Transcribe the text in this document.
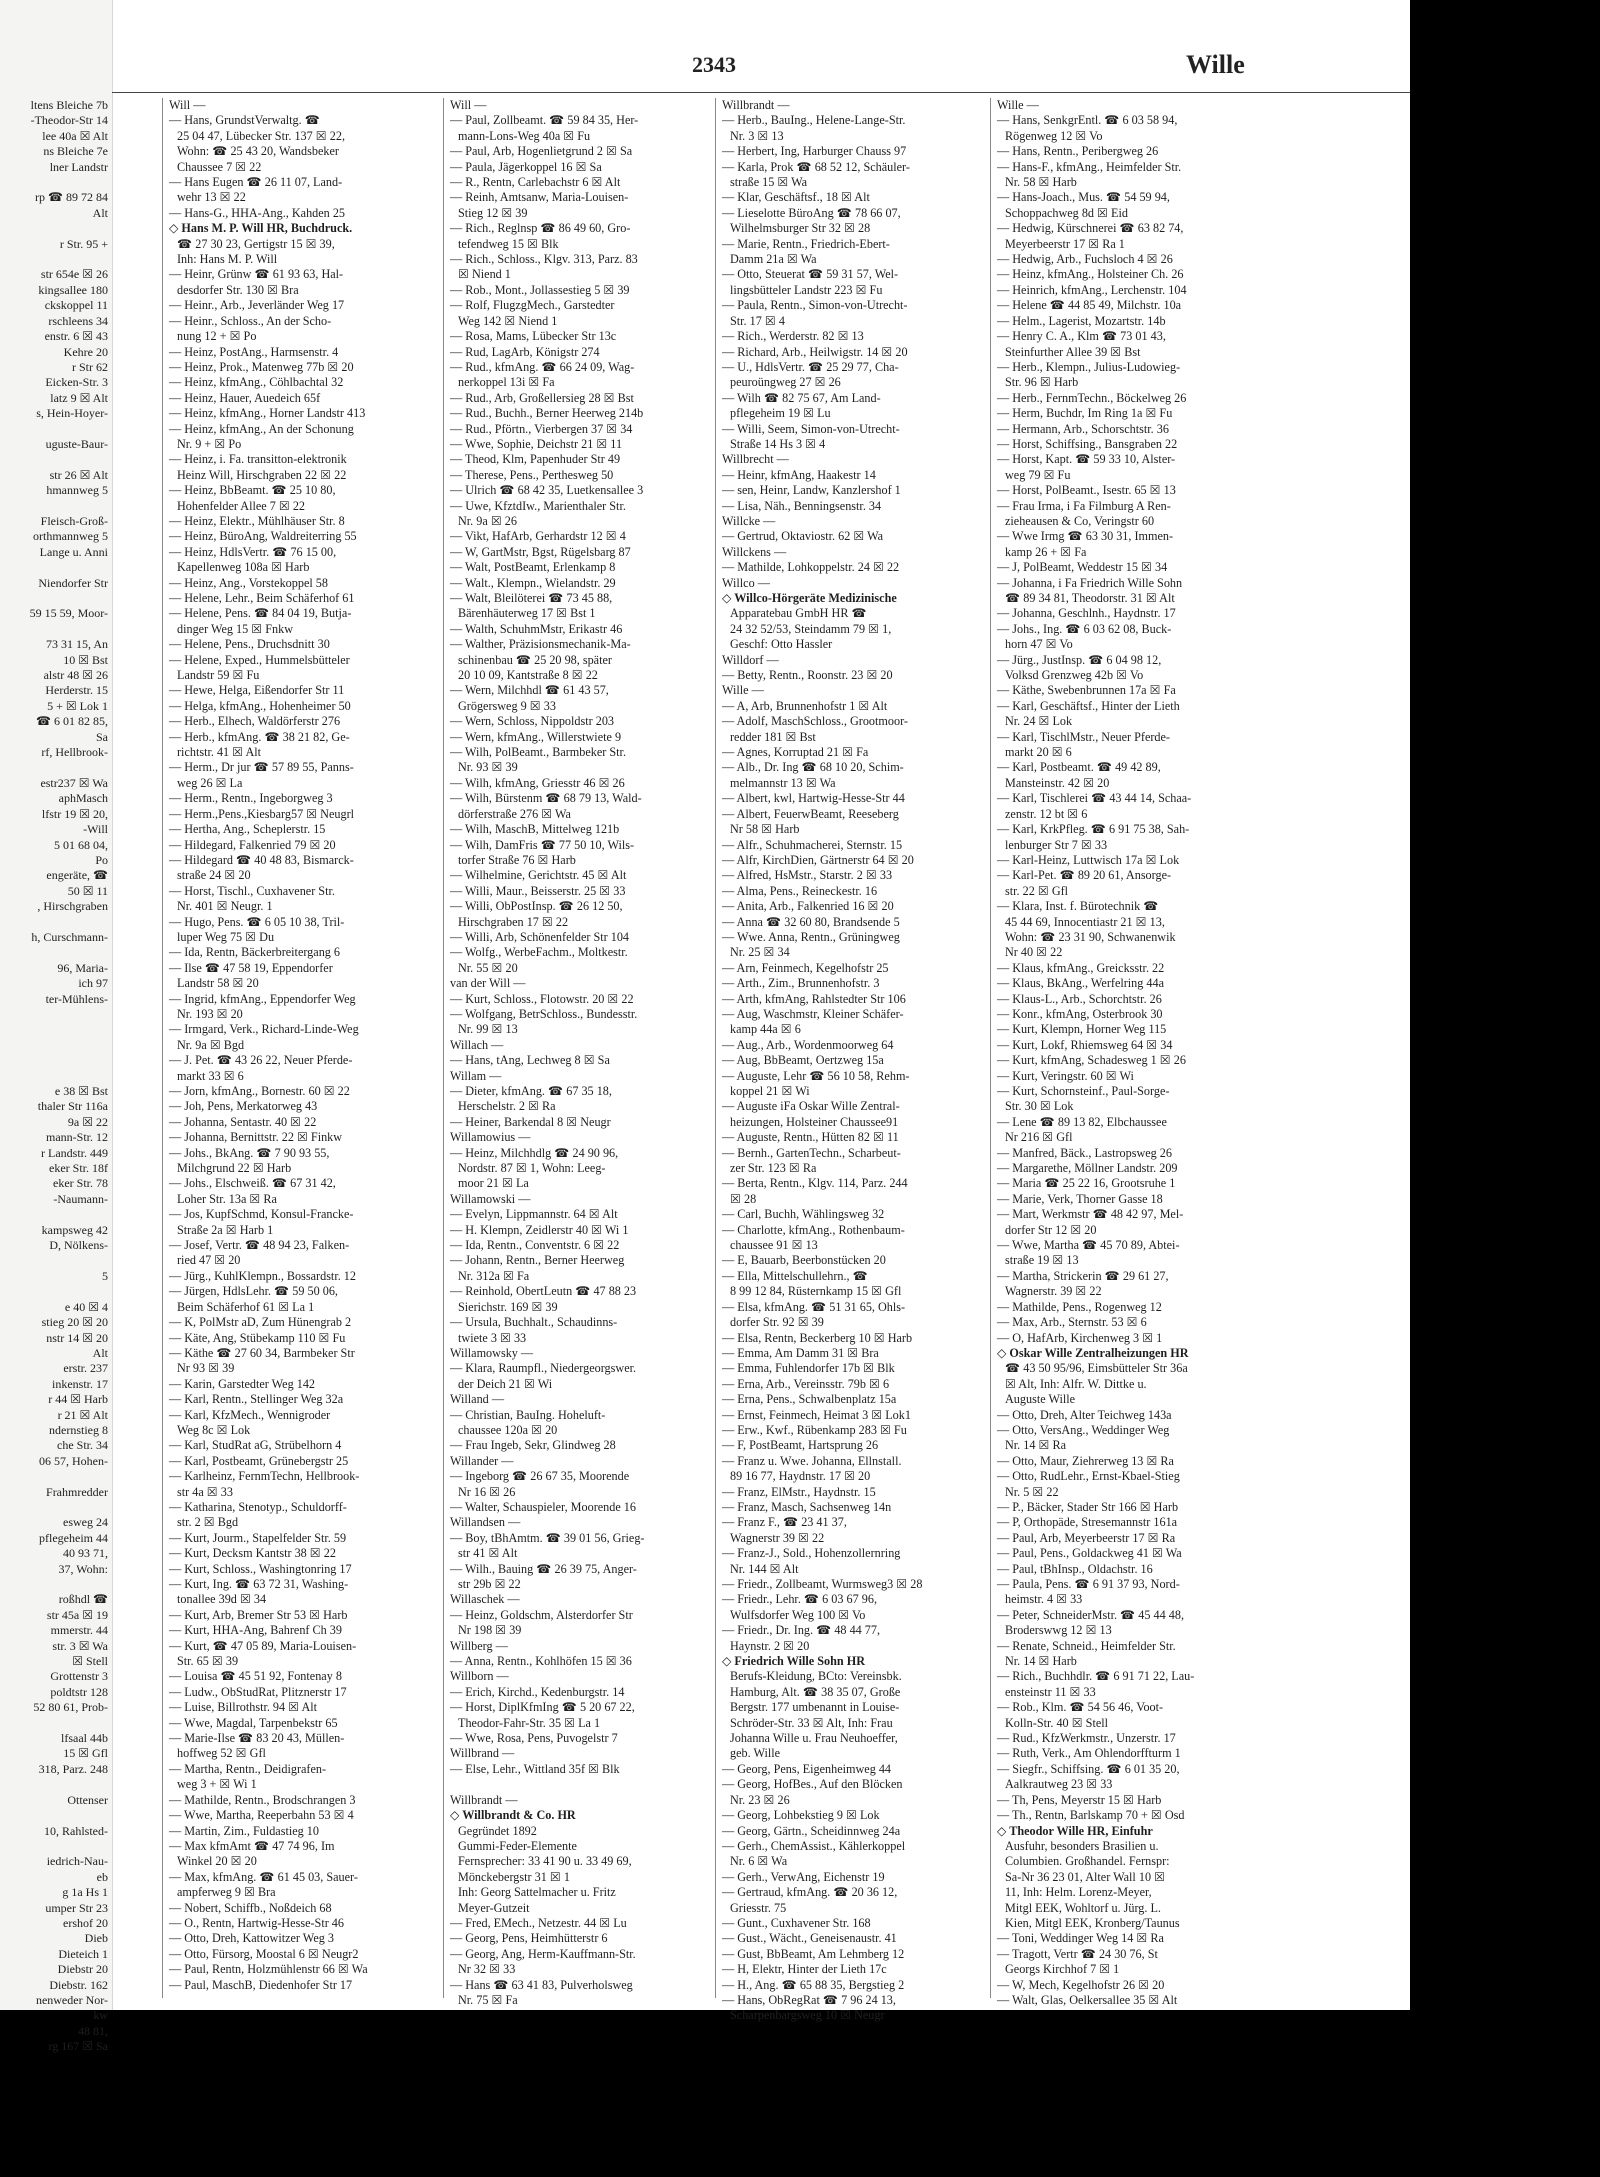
ltens Bleiche 7b
-Theodor-Str 14
lee 40a ☒ Alt
ns Bleiche 7e
lner Landstr

rp ☎ 89 72 84
Alt

r Str. 95 +

str 654e ☒ 26
kingsallee 180
ckskoppel 11
rschleens 34
enstr. 6 ☒ 43
Kehre 20
r Str 62
Eicken-Str. 3
latz 9 ☒ Alt
s, Hein-Hoyer-

uguste-Baur-

str 26 ☒ Alt
hmannweg 5

Fleisch-Groß-
orthmannweg 5
Lange u. Anni

Niendorfer Str

59 15 59, Moor-

73 31 15, An
10 ☒ Bst
alstr 48 ☒ 26
Herderstr. 15
5 + ☒ Lok 1
☎ 6 01 82 85,
Sa
rf, Hellbrook-

estr237 ☒ Wa
aphMasch
lfstr 19 ☒ 20,
-Will
5 01 68 04,
Po
engeräte, ☎
50 ☒ 11
, Hirschgraben

h, Curschmann-

96, Maria-
ich 97
ter-Mühlens-

e 38 ☒ Bst
thaler Str 116a
9a ☒ 22
mann-Str. 12
r Landstr. 449
eker Str. 18f
eker Str. 78
-Naumann-

kampsweg 42
D, Nölkens-

5

e 40 ☒ 4
stieg 20 ☒ 20
nstr 14 ☒ 20
Alt
erstr. 237
inkenstr. 17
r 44 ☒ Harb
r 21 ☒ Alt
ndernstieg 8
che Str. 34
06 57, Hohen-

Frahmredder

esweg 24
pflegeheim 44
40 93 71,
37, Wohn:

roßhdl ☎
str 45a ☒ 19
mmerstr. 44
str. 3 ☒ Wa
☒ Stell
Grottenstr 3
poldtstr 128
52 80 61, Prob-

lfsaal 44b
15 ☒ Gfl
318, Parz. 248

Ottenser

10, Rahlsted-

iedrich-Nau-
eb
g 1a Hs 1
umper Str 23
ershof 20
Dieb
Dieteich 1
Diebstr 20
Diebstr. 162
nenweder Nor-
kw
48 81,
rg 167 ☒ Sa
2343	Wille
Will —
— Hans, GrundstVerwaltg. ☎
25 04 47, Lübecker Str. 137 ☒ 22,
Wohn: ☎ 25 43 20, Wandsbeker
Chaussee 7 ☒ 22
— Hans Eugen ☎ 26 11 07, Land-
wehr 13 ☒ 22
— Hans-G., HHA-Ang., Kahden 25
◇ Hans M. P. Will HR, Buchdruck.
☎ 27 30 23, Gertigstr 15 ☒ 39,
Inh: Hans M. P. Will
— Heinr, Grünw ☎ 61 93 63, Hal-
desdorfer Str. 130 ☒ Bra
— Heinr., Arb., Jeverländer Weg 17
— Heinr., Schloss., An der Scho-
nung 12 + ☒ Po
— Heinz, PostAng., Harmsenstr. 4
— Heinz, Prok., Matenweg 77b ☒ 20
— Heinz, kfmAng., Cöhlbachtal 32
— Heinz, Hauer, Auedeich 65f
— Heinz, kfmAng., Horner Landstr 413
— Heinz, kfmAng., An der Schonung
Nr. 9 + ☒ Po
— Heinz, i. Fa. transitton-elektronik
Heinz Will, Hirschgraben 22 ☒ 22
— Heinz, BbBeamt. ☎ 25 10 80,
Hohenfelder Allee 7 ☒ 22
— Heinz, Elektr., Mühlhäuser Str. 8
— Heinz, BüroAng, Waldreiterring 55
— Heinz, HdlsVertr. ☎ 76 15 00,
Kapellenweg 108a ☒ Harb
— Heinz, Ang., Vorstekoppel 58
— Helene, Lehr., Beim Schäferhof 61
— Helene, Pens. ☎ 84 04 19, Butja-
dinger Weg 15 ☒ Fnkw
— Helene, Pens., Druchsdnitt 30
— Helene, Exped., Hummelsbütteler
Landstr 59 ☒ Fu
— Hewe, Helga, Eißendorfer Str 11
— Helga, kfmAng., Hohenheimer 50
— Herb., Elhech, Waldörferstr 276
— Herb., kfmAng. ☎ 38 21 82, Ge-
richtstr. 41 ☒ Alt
— Herm., Dr jur ☎ 57 89 55, Panns-
weg 26 ☒ La
— Herm., Rentn., Ingeborgweg 3
— Herm.,Pens.,Kiesbarg57 ☒ Neugrl
— Hertha, Ang., Scheplerstr. 15
— Hildegard, Falkenried 79 ☒ 20
— Hildegard ☎ 40 48 83, Bismarck-
straße 24 ☒ 20
— Horst, Tischl., Cuxhavener Str.
Nr. 401 ☒ Neugr. 1
— Hugo, Pens. ☎ 6 05 10 38, Tril-
luper Weg 75 ☒ Du
— Ida, Rentn, Bäckerbreitergang 6
— Ilse ☎ 47 58 19, Eppendorfer
Landstr 58 ☒ 20
— Ingrid, kfmAng., Eppendorfer Weg
Nr. 193 ☒ 20
— Irmgard, Verk., Richard-Linde-Weg
Nr. 9a ☒ Bgd
— J. Pet. ☎ 43 26 22, Neuer Pferde-
markt 33 ☒ 6
— Jorn, kfmAng., Bornestr. 60 ☒ 22
— Joh, Pens, Merkatorweg 43
— Johanna, Sentastr. 40 ☒ 22
— Johanna, Bernittstr. 22 ☒ Finkw
— Johs., BkAng. ☎ 7 90 93 55,
Milchgrund 22 ☒ Harb
— Johs., Elschweiß. ☎ 67 31 42,
Loher Str. 13a ☒ Ra
— Jos, KupfSchmd, Konsul-Francke-
Straße 2a ☒ Harb 1
— Josef, Vertr. ☎ 48 94 23, Falken-
ried 47 ☒ 20
— Jürg., KuhlKlempn., Bossardstr. 12
— Jürgen, HdlsLehr. ☎ 59 50 06,
Beim Schäferhof 61 ☒ La 1
— K, PolMstr aD, Zum Hünengrab 2
— Käte, Ang, Stübekamp 110 ☒ Fu
— Käthe ☎ 27 60 34, Barmbeker Str
Nr 93 ☒ 39
— Karin, Garstedter Weg 142
— Karl, Rentn., Stellinger Weg 32a
— Karl, KfzMech., Wennigroder
Weg 8c ☒ Lok
— Karl, StudRat aG, Strübelhorn 4
— Karl, Postbeamt, Grünebergstr 25
— Karlheinz, FernmTechn, Hellbrook-
str 4a ☒ 33
— Katharina, Stenotyp., Schuldorff-
str. 2 ☒ Bgd
— Kurt, Jourm., Stapelfelder Str. 59
— Kurt, Decksm Kantstr 38 ☒ 22
— Kurt, Schloss., Washingtonring 17
— Kurt, Ing. ☎ 63 72 31, Washing-
tonallee 39d ☒ 34
— Kurt, Arb, Bremer Str 53 ☒ Harb
— Kurt, HHA-Ang, Bahrenf Ch 39
— Kurt, ☎ 47 05 89, Maria-Louisen-
Str. 65 ☒ 39
— Louisa ☎ 45 51 92, Fontenay 8
— Ludw., ObStudRat, Plitznerstr 17
— Luise, Billrothstr. 94 ☒ Alt
— Wwe, Magdal, Tarpenbekstr 65
— Marie-Ilse ☎ 83 20 43, Müllen-
hoffweg 52 ☒ Gfl
— Martha, Rentn., Deidigrafen-
weg 3 + ☒ Wi 1
— Mathilde, Rentn., Brodschrangen 3
— Wwe, Martha, Reeperbahn 53 ☒ 4
— Martin, Zim., Fuldastieg 10
— Max kfmAmt ☎ 47 74 96, Im
Winkel 20 ☒ 20
— Max, kfmAng. ☎ 61 45 03, Sauer-
ampferweg 9 ☒ Bra
— Nobert, Schiffb., Noßdeich 68
— O., Rentn, Hartwig-Hesse-Str 46
— Otto, Dreh, Kattowitzer Weg 3
— Otto, Fürsorg, Moostal 6 ☒ Neugr2
— Paul, Rentn, Holzmühlenstr 66 ☒ Wa
— Paul, MaschB, Diedenhofer Str 17
Will —
— Paul, Zollbeamt. ☎ 59 84 35, Her-
mann-Lons-Weg 40a ☒ Fu
— Paul, Arb, Hogenlietgrund 2 ☒ Sa
— Paula, Jägerkoppel 16 ☒ Sa
— R., Rentn, Carlebachstr 6 ☒ Alt
— Reinh, Amtsanw, Maria-Louisen-
Stieg 12 ☒ 39
— Rich., Reglnsp ☎ 86 49 60, Gro-
tefendweg 15 ☒ Blk
— Rich., Schloss., Klgv. 313, Parz. 83
☒ Niend 1
— Rob., Mont., Jollassestieg 5 ☒ 39
— Rolf, FlugzgMech., Garstedter
Weg 142 ☒ Niend 1
— Rosa, Mams, Lübecker Str 13c
— Rud, LagArb, Königstr 274
— Rud., kfmAng. ☎ 66 24 09, Wag-
nerkoppel 13i ☒ Fa
— Rud., Arb, Großellersieg 28 ☒ Bst
— Rud., Buchh., Berner Heerweg 214b
— Rud., Pförtn., Vierbergen 37 ☒ 34
— Wwe, Sophie, Deichstr 21 ☒ 11
— Theod, Klm, Papenhuder Str 49
— Therese, Pens., Perthesweg 50
— Ulrich ☎ 68 42 35, Luetkensallee 3
— Uwe, KfztdIw., Marienthaler Str.
Nr. 9a ☒ 26
— Vikt, HafArb, Gerhardstr 12 ☒ 4
— W, GartMstr, Bgst, Rügelsbarg 87
— Walt, PostBeamt, Erlenkamp 8
— Walt., Klempn., Wielandstr. 29
— Walt, Bleilöterei ☎ 73 45 88,
Bärenhäuterweg 17 ☒ Bst 1
— Walth, SchuhmMstr, Erikastr 46
— Walther, Präzisionsmechanik-Ma-
schinenbau ☎ 25 20 98, später
20 10 09, Kantstraße 8 ☒ 22
— Wern, Milchhdl ☎ 61 43 57,
Grögersweg 9 ☒ 33
— Wern, Schloss, Nippoldstr 203
— Wern, kfmAng., Willerstwiete 9
— Wilh, PolBeamt., Barmbeker Str.
Nr. 93 ☒ 39
— Wilh, kfmAng, Griesstr 46 ☒ 26
— Wilh, Bürstenm ☎ 68 79 13, Wald-
dörferstraße 276 ☒ Wa
— Wilh, MaschB, Mittelweg 121b
— Wilh, DamFris ☎ 77 50 10, Wils-
torfer Straße 76 ☒ Harb
— Wilhelmine, Gerichtstr. 45 ☒ Alt
— Willi, Maur., Beisserstr. 25 ☒ 33
— Willi, ObPostInsp. ☎ 26 12 50,
Hirschgraben 17 ☒ 22
— Willi, Arb, Schönenfelder Str 104
— Wolfg., WerbeFachm., Moltkestr.
Nr. 55 ☒ 20
van der Will —
— Kurt, Schloss., Flotowstr. 20 ☒ 22
— Wolfgang, BetrSchloss., Bundesstr.
Nr. 99 ☒ 13
Willach —
— Hans, tAng, Lechweg 8 ☒ Sa
Willam —
— Dieter, kfmAng. ☎ 67 35 18,
Herschelstr. 2 ☒ Ra
— Heiner, Barkendal 8 ☒ Neugr
Willamowius —
— Heinz, Milchhdlg ☎ 24 90 96,
Nordstr. 87 ☒ 1, Wohn: Leeg-
moor 21 ☒ La
Willamowski —
— Evelyn, Lippmannstr. 64 ☒ Alt
— H. Klempn, Zeidlerstr 40 ☒ Wi 1
— Ida, Rentn., Conventstr. 6 ☒ 22
— Johann, Rentn., Berner Heerweg
Nr. 312a ☒ Fa
— Reinhold, ObertLeutn ☎ 47 88 23
Sierichstr. 169 ☒ 39
— Ursula, Buchhalt., Schaudinns-
twiete 3 ☒ 33
Willamowsky —
— Klara, Raumpfl., Niedergeorgswer.
der Deich 21 ☒ Wi
Willand —
— Christian, BauIng. Hoheluft-
chaussee 120a ☒ 20
— Frau Ingeb, Sekr, Glindweg 28
Willander —
— Ingeborg ☎ 26 67 35, Moorende
Nr 16 ☒ 26
— Walter, Schauspieler, Moorende 16
Willandsen —
— Boy, tBhAmtm. ☎ 39 01 56, Grieg-
str 41 ☒ Alt
— Wilh., Bauing ☎ 26 39 75, Anger-
str 29b ☒ 22
Willaschek —
— Heinz, Goldschm, Alsterdorfer Str
Nr 198 ☒ 39
Willberg —
— Anna, Rentn., Kohlhöfen 15 ☒ 36
Willborn —
— Erich, Kirchd., Kedenburgstr. 14
— Horst, DiplKfmIng ☎ 5 20 67 22,
Theodor-Fahr-Str. 35 ☒ La 1
— Wwe, Rosa, Pens, Puvogelstr 7
Willbrand —
— Else, Lehr., Wittland 35f ☒ Blk

Willbrandt —
◇ Willbrandt & Co. HR
Gegründet 1892
Gummi-Feder-Elemente
Fernsprecher: 33 41 90 u. 33 49 69,
Mönckebergstr 31 ☒ 1
Inh: Georg Sattelmacher u. Fritz
Meyer-Gutzeit
— Fred, EMech., Netzestr. 44 ☒ Lu
— Georg, Pens, Heimhütterstr 6
— Georg, Ang, Herm-Kauffmann-Str.
Nr 32 ☒ 33
— Hans ☎ 63 41 83, Pulverholsweg
Nr. 75 ☒ Fa
Willbrandt —
— Herb., BauIng., Helene-Lange-Str.
Nr. 3 ☒ 13
— Herbert, Ing, Harburger Chauss 97
— Karla, Prok ☎ 68 52 12, Schäuler-
straße 15 ☒ Wa
— Klar, Geschäftsf., 18 ☒ Alt
— Lieselotte BüroAng ☎ 78 66 07,
Wilhelmsburger Str 32 ☒ 28
— Marie, Rentn., Friedrich-Ebert-
Damm 21a ☒ Wa
— Otto, Steuerat ☎ 59 31 57, Wel-
lingsbütteler Landstr 223 ☒ Fu
— Paula, Rentn., Simon-von-Utrecht-
Str. 17 ☒ 4
— Rich., Werderstr. 82 ☒ 13
— Richard, Arb., Heilwigstr. 14 ☒ 20
— U., HdlsVertr. ☎ 25 29 77, Cha-
peuroüngweg 27 ☒ 26
— Wilh ☎ 82 75 67, Am Land-
pflegeheim 19 ☒ Lu
— Willi, Seem, Simon-von-Utrecht-
Straße 14 Hs 3 ☒ 4
Willbrecht —
— Heinr, kfmAng, Haakestr 14
— sen, Heinr, Landw, Kanzlershof 1
— Lisa, Näh., Benningsenstr. 34
Willcke —
— Gertrud, Oktaviostr. 62 ☒ Wa
Willckens —
— Mathilde, Lohkoppelstr. 24 ☒ 22
Willco —
◇ Willco-Hörgeräte Medizinische
Apparatebau GmbH HR ☎
24 32 52/53, Steindamm 79 ☒ 1,
Geschf: Otto Hassler
Willdorf —
— Betty, Rentn., Roonstr. 23 ☒ 20
Wille —
— A, Arb, Brunnenhofstr 1 ☒ Alt
— Adolf, MaschSchloss., Grootmoor-
redder 181 ☒ Bst
— Agnes, Korruptad 21 ☒ Fa
— Alb., Dr. Ing ☎ 68 10 20, Schim-
melmannstr 13 ☒ Wa
— Albert, kwl, Hartwig-Hesse-Str 44
— Albert, FeuerwBeamt, Reeseberg
Nr 58 ☒ Harb
— Alfr., Schuhmacherei, Sternstr. 15
— Alfr, KirchDien, Gärtnerstr 64 ☒ 20
— Alfred, HsMstr., Starstr. 2 ☒ 33
— Alma, Pens., Reineckestr. 16
— Anita, Arb., Falkenried 16 ☒ 20
— Anna ☎ 32 60 80, Brandsende 5
— Wwe. Anna, Rentn., Grüningweg
Nr. 25 ☒ 34
— Arn, Feinmech, Kegelhofstr 25
— Arth., Zim., Brunnenhofstr. 3
— Arth, kfmAng, Rahlstedter Str 106
— Aug, Waschmstr, Kleiner Schäfer-
kamp 44a ☒ 6
— Aug., Arb., Wordenmoorweg 64
— Aug, BbBeamt, Oertzweg 15a
— Auguste, Lehr ☎ 56 10 58, Rehm-
koppel 21 ☒ Wi
— Auguste iFa Oskar Wille Zentral-
heizungen, Holsteiner Chaussee91
— Auguste, Rentn., Hütten 82 ☒ 11
— Bernh., GartenTechn., Scharbeut-
zer Str. 123 ☒ Ra
— Berta, Rentn., Klgv. 114, Parz. 244
☒ 28
— Carl, Buchh, Wählingsweg 32
— Charlotte, kfmAng., Rothenbaum-
chaussee 91 ☒ 13
— E, Bauarb, Beerbonstücken 20
— Ella, Mittelschullehrn., ☎
8 99 12 84, Rüsternkamp 15 ☒ Gfl
— Elsa, kfmAng. ☎ 51 31 65, Ohls-
dorfer Str. 92 ☒ 39
— Elsa, Rentn, Beckerberg 10 ☒ Harb
— Emma, Am Damm 31 ☒ Bra
— Emma, Fuhlendorfer 17b ☒ Blk
— Erna, Arb., Vereinsstr. 79b ☒ 6
— Erna, Pens., Schwalbenplatz 15a
— Ernst, Feinmech, Heimat 3 ☒ Lok1
— Erw., Kwf., Rübenkamp 283 ☒ Fu
— F, PostBeamt, Hartsprung 26
— Franz u. Wwe. Johanna, Ellnstall.
89 16 77, Haydnstr. 17 ☒ 20
— Franz, ElMstr., Haydnstr. 15
— Franz, Masch, Sachsenweg 14n
— Franz F., ☎ 23 41 37,
Wagnerstr 39 ☒ 22
— Franz-J., Sold., Hohenzollernring
Nr. 144 ☒ Alt
— Friedr., Zollbeamt, Wurmsweg3 ☒ 28
— Friedr., Lehr. ☎ 6 03 67 96,
Wulfsdorfer Weg 100 ☒ Vo
— Friedr., Dr. Ing. ☎ 48 44 77,
Haynstr. 2 ☒ 20
◇ Friedrich Wille Sohn HR
Berufs-Kleidung, BCto: Vereinsbk.
Hamburg, Alt. ☎ 38 35 07, Große
Bergstr. 177 umbenannt in Louise-
Schröder-Str. 33 ☒ Alt, Inh: Frau
Johanna Wille u. Frau Neuhoeffer,
geb. Wille
— Georg, Pens, Eigenheimweg 44
— Georg, HofBes., Auf den Blöcken
Nr. 23 ☒ 26
— Georg, Lohbekstieg 9 ☒ Lok
— Georg, Gärtn., Scheidinnweg 24a
— Gerh., ChemAssist., Kählerkoppel
Nr. 6 ☒ Wa
— Gerh., VerwAng, Eichenstr 19
— Gertraud, kfmAng. ☎ 20 36 12,
Griesstr. 75
— Gunt., Cuxhavener Str. 168
— Gust., Wächt., Geneisenaustr. 41
— Gust, BbBeamt, Am Lehmberg 12
— H, Elektr, Hinter der Lieth 17c
— H., Ang. ☎ 65 88 35, Bergstieg 2
— Hans, ObRegRat ☎ 7 96 24 13,
Scharpenbargsweg 10 ☒ Neugr
Wille —
— Hans, SenkgrEntl. ☎ 6 03 58 94,
Rögenweg 12 ☒ Vo
— Hans, Rentn., Peribergweg 26
— Hans-F., kfmAng., Heimfelder Str.
Nr. 58 ☒ Harb
— Hans-Joach., Mus. ☎ 54 59 94,
Schoppachweg 8d ☒ Eid
— Hedwig, Kürschnerei ☎ 63 82 74,
Meyerbeerstr 17 ☒ Ra 1
— Hedwig, Arb., Fuchsloch 4 ☒ 26
— Heinz, kfmAng., Holsteiner Ch. 26
— Heinrich, kfmAng., Lerchenstr. 104
— Helene ☎ 44 85 49, Milchstr. 10a
— Helm., Lagerist, Mozartstr. 14b
— Henry C. A., Klm ☎ 73 01 43,
Steinfurther Allee 39 ☒ Bst
— Herb., Klempn., Julius-Ludowieg-
Str. 96 ☒ Harb
— Herb., FernmTechn., Böckelweg 26
— Herm, Buchdr, Im Ring 1a ☒ Fu
— Hermann, Arb., Schorschtstr. 36
— Horst, Schiffsing., Bansgraben 22
— Horst, Kapt. ☎ 59 33 10, Alster-
weg 79 ☒ Fu
— Horst, PolBeamt., Isestr. 65 ☒ 13
— Frau Irma, i Fa Filmburg A Ren-
zieheausen & Co, Veringstr 60
— Wwe Irmg ☎ 63 30 31, Immen-
kamp 26 + ☒ Fa
— J, PolBeamt, Weddestr 15 ☒ 34
— Johanna, i Fa Friedrich Wille Sohn
☎ 89 34 81, Theodorstr. 31 ☒ Alt
— Johanna, Geschlnh., Haydnstr. 17
— Johs., Ing. ☎ 6 03 62 08, Buck-
horn 47 ☒ Vo
— Jürg., JustInsp. ☎ 6 04 98 12,
Volksd Grenzweg 42b ☒ Vo
— Käthe, Swebenbrunnen 17a ☒ Fa
— Karl, Geschäftsf., Hinter der Lieth
Nr. 24 ☒ Lok
— Karl, TischlMstr., Neuer Pferde-
markt 20 ☒ 6
— Karl, Postbeamt. ☎ 49 42 89,
Mansteinstr. 42 ☒ 20
— Karl, Tischlerei ☎ 43 44 14, Schaa-
zenstr. 12 bt ☒ 6
— Karl, KrkPfleg. ☎ 6 91 75 38, Sah-
lenburger Str 7 ☒ 33
— Karl-Heinz, Luttwisch 17a ☒ Lok
— Karl-Pet. ☎ 89 20 61, Ansorge-
str. 22 ☒ Gfl
— Klara, Inst. f. Bürotechnik ☎
45 44 69, Innocentiastr 21 ☒ 13,
Wohn: ☎ 23 31 90, Schwanenwik
Nr 40 ☒ 22
— Klaus, kfmAng., Greicksstr. 22
— Klaus, BkAng., Werfelring 44a
— Klaus-L., Arb., Schorchtstr. 26
— Konr., kfmAng, Osterbrook 30
— Kurt, Klempn, Horner Weg 115
— Kurt, Lokf, Rhiemsweg 64 ☒ 34
— Kurt, kfmAng, Schadesweg 1 ☒ 26
— Kurt, Veringstr. 60 ☒ Wi
— Kurt, Schornsteinf., Paul-Sorge-
Str. 30 ☒ Lok
— Lene ☎ 89 13 82, Elbchaussee
Nr 216 ☒ Gfl
— Manfred, Bäck., Lastropsweg 26
— Margarethe, Möllner Landstr. 209
— Maria ☎ 25 22 16, Grootsruhe 1
— Marie, Verk, Thorner Gasse 18
— Mart, Werkmstr ☎ 48 42 97, Mel-
dorfer Str 12 ☒ 20
— Wwe, Martha ☎ 45 70 89, Abtei-
straße 19 ☒ 13
— Martha, Strickerin ☎ 29 61 27,
Wagnerstr. 39 ☒ 22
— Mathilde, Pens., Rogenweg 12
— Max, Arb., Sternstr. 53 ☒ 6
— O, HafArb, Kirchenweg 3 ☒ 1
◇ Oskar Wille Zentralheizungen HR
☎ 43 50 95/96, Eimsbütteler Str 36a
☒ Alt, Inh: Alfr. W. Dittke u.
Auguste Wille
— Otto, Dreh, Alter Teichweg 143a
— Otto, VersAng., Weddinger Weg
Nr. 14 ☒ Ra
— Otto, Maur, Ziehrerweg 13 ☒ Ra
— Otto, RudLehr., Ernst-Kbael-Stieg
Nr. 5 ☒ 22
— P., Bäcker, Stader Str 166 ☒ Harb
— P, Orthopäde, Stresemannstr 161a
— Paul, Arb, Meyerbeerstr 17 ☒ Ra
— Paul, Pens., Goldackweg 41 ☒ Wa
— Paul, tBhInsp., Oldachstr. 16
— Paula, Pens. ☎ 6 91 37 93, Nord-
heimstr. 4 ☒ 33
— Peter, SchneiderMstr. ☎ 45 44 48,
Broderswwg 12 ☒ 13
— Renate, Schneid., Heimfelder Str.
Nr. 14 ☒ Harb
— Rich., Buchhdlr. ☎ 6 91 71 22, Lau-
ensteinstr 11 ☒ 33
— Rob., Klm. ☎ 54 56 46, Voot-
Kolln-Str. 40 ☒ Stell
— Rud., KfzWerkmstr., Unzerstr. 17
— Ruth, Verk., Am Ohlendorffturm 1
— Siegfr., Schiffsing. ☎ 6 01 35 20,
Aalkrautweg 23 ☒ 33
— Th, Pens, Meyerstr 15 ☒ Harb
— Th., Rentn, Barlskamp 70 + ☒ Osd
◇ Theodor Wille HR, Einfuhr
Ausfuhr, besonders Brasilien u.
Columbien. Großhandel. Fernspr:
Sa-Nr 36 23 01, Alter Wall 10 ☒
11, Inh: Helm. Lorenz-Meyer,
Mitgl EEK, Wohltorf u. Jürg. L.
Kien, Mitgl EEK, Kronberg/Taunus
— Toni, Weddinger Weg 14 ☒ Ra
— Tragott, Vertr ☎ 24 30 76, St
Georgs Kirchhof 7 ☒ 1
— W, Mech, Kegelhofstr 26 ☒ 20
— Walt, Glas, Oelkersallee 35 ☒ Alt
